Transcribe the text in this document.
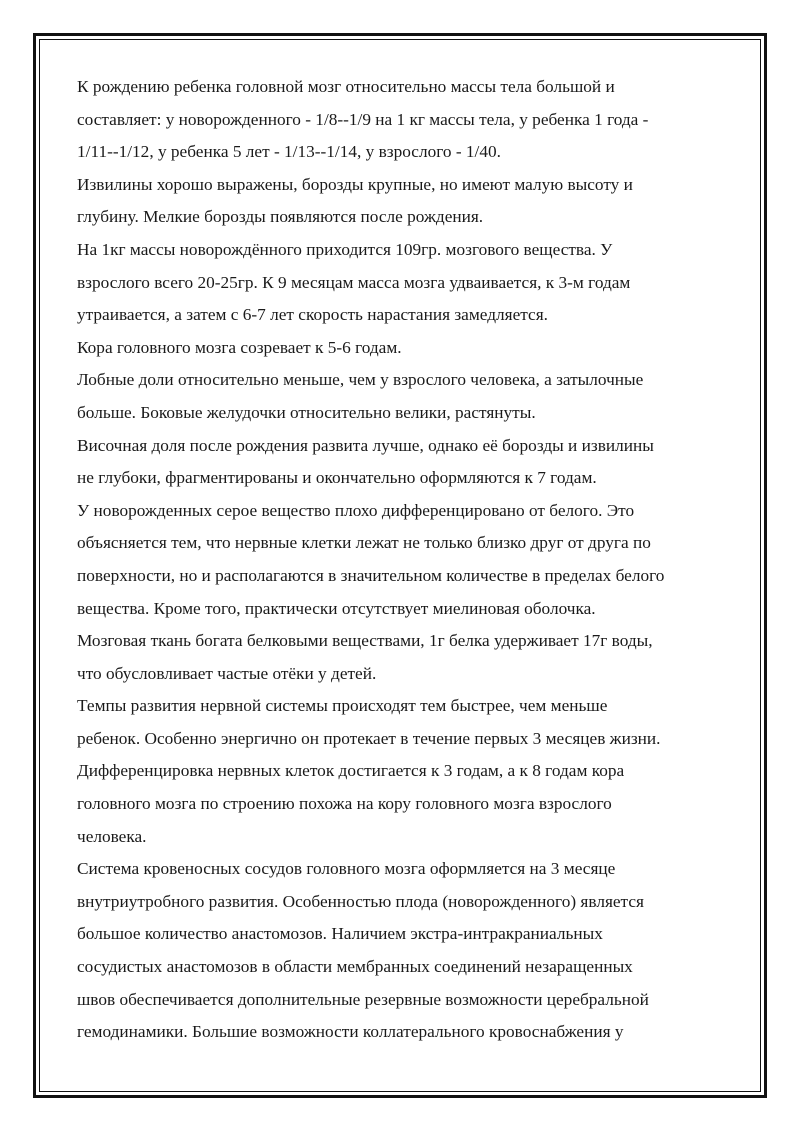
К рождению ребенка головной мозг относительно массы тела большой и

составляет: у новорожденного - 1/8--1/9 на 1 кг массы тела, у ребенка 1 года -

1/11--1/12, у ребенка 5 лет - 1/13--1/14, у взрослого - 1/40.

Извилины хорошо выражены, борозды крупные, но имеют малую высоту и

глубину. Мелкие борозды появляются после рождения.

На 1кг массы новорождённого приходится 109гр. мозгового вещества. У

взрослого всего 20-25гр. К 9 месяцам масса мозга удваивается, к 3-м годам

утраивается, а затем с 6-7 лет скорость нарастания замедляется.

Кора головного мозга созревает к 5-6 годам.

Лобные доли относительно меньше, чем у взрослого человека, а затылочные

больше. Боковые желудочки относительно велики, растянуты.

Височная доля после рождения развита лучше, однако её борозды и извилины

не глубоки, фрагментированы и окончательно оформляются к 7 годам.

У новорожденных серое вещество плохо дифференцировано от белого. Это

объясняется тем, что нервные клетки лежат не только близко друг от друга по

поверхности, но и располагаются в значительном количестве в пределах белого

вещества. Кроме того, практически отсутствует миелиновая оболочка.

Мозговая ткань богата белковыми веществами, 1г белка удерживает 17г воды,

что обусловливает частые отёки у детей.

Темпы развития нервной системы происходят тем быстрее, чем меньше

ребенок. Особенно энергично он протекает в течение первых 3 месяцев жизни.

Дифференцировка нервных клеток достигается к 3 годам, а к 8 годам кора

головного мозга по строению похожа на кору головного мозга взрослого

человека.

Система кровеносных сосудов головного мозга оформляется на 3 месяце

внутриутробного развития. Особенностью плода (новорожденного) является

большое количество анастомозов. Наличием экстра-интракраниальных

сосудистых анастомозов в области мембранных соединений незаращенных

швов обеспечивается дополнительные резервные возможности церебральной

гемодинамики. Большие возможности коллатерального кровоснабжения у
